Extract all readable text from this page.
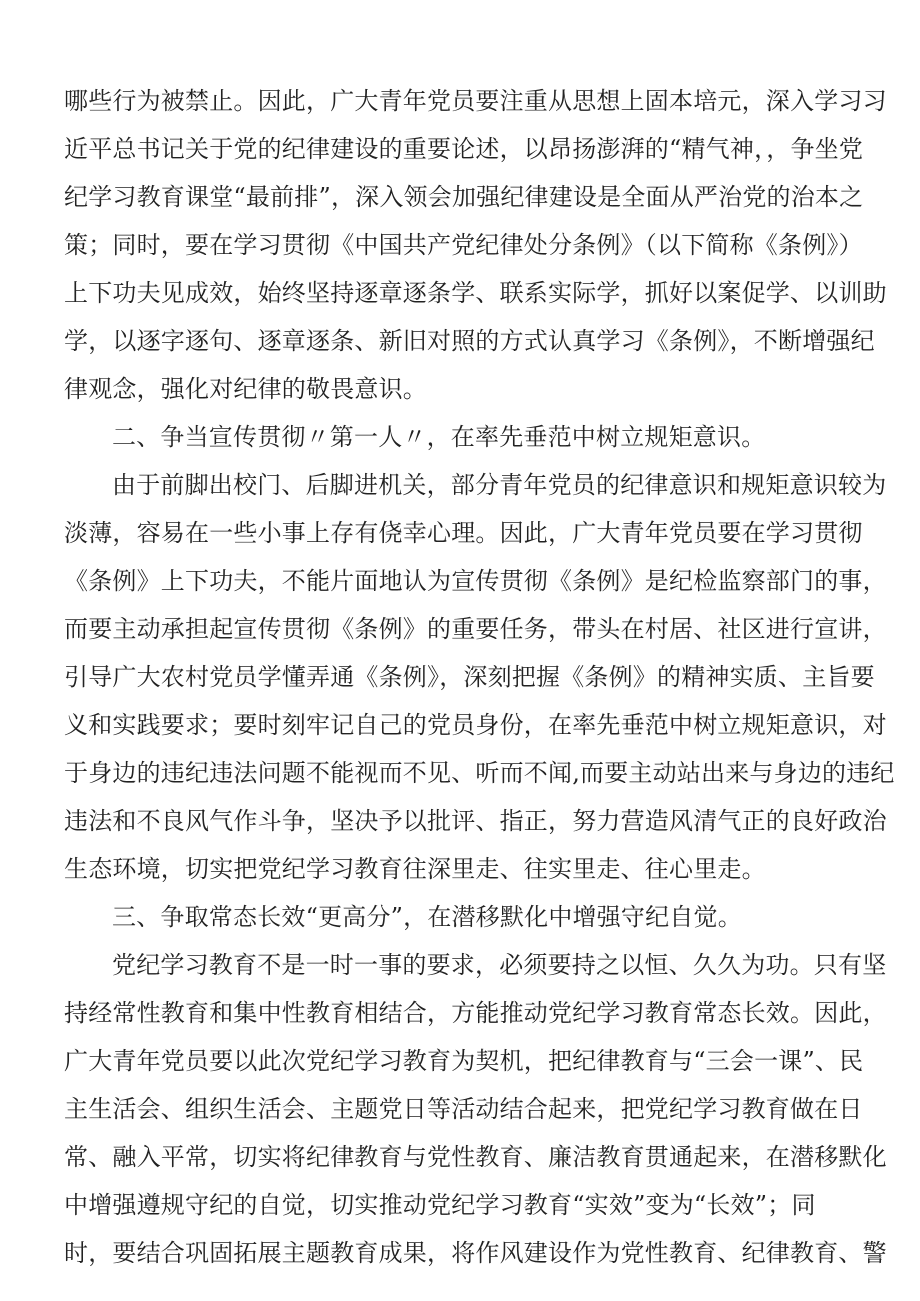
哪些行为被禁止。因此，广大青年党员要注重从思想上固本培元，深入学习习
近平总书记关于党的纪律建设的重要论述，以昂扬澎湃的“精气神，，争坐党
纪学习教育课堂“最前排”，深入领会加强纪律建设是全面从严治党的治本之
策；同时，要在学习贯彻《中国共产党纪律处分条例》（以下简称《条例》）
上下功夫见成效，始终坚持逐章逐条学、联系实际学，抓好以案促学、以训助
学，以逐字逐句、逐章逐条、新旧对照的方式认真学习《条例》，不断增强纪
律观念，强化对纪律的敬畏意识。
二、争当宣传贯彻〃第一人〃，在率先垂范中树立规矩意识。
由于前脚出校门、后脚进机关，部分青年党员的纪律意识和规矩意识较为
淡薄，容易在一些小事上存有侥幸心理。因此，广大青年党员要在学习贯彻
《条例》上下功夫，不能片面地认为宣传贯彻《条例》是纪检监察部门的事，
而要主动承担起宣传贯彻《条例》的重要任务，带头在村居、社区进行宣讲，
引导广大农村党员学懂弄通《条例》，深刻把握《条例》的精神实质、主旨要
义和实践要求；要时刻牢记自己的党员身份，在率先垂范中树立规矩意识，对
于身边的违纪违法问题不能视而不见、听而不闻,而要主动站出来与身边的违纪
违法和不良风气作斗争，坚决予以批评、指正，努力营造风清气正的良好政治
生态环境，切实把党纪学习教育往深里走、往实里走、往心里走。
三、争取常态长效“更高分”，在潜移默化中增强守纪自觉。
党纪学习教育不是一时一事的要求，必须要持之以恒、久久为功。只有坚
持经常性教育和集中性教育相结合，方能推动党纪学习教育常态长效。因此，
广大青年党员要以此次党纪学习教育为契机，把纪律教育与“三会一课”、民
主生活会、组织生活会、主题党日等活动结合起来，把党纪学习教育做在日
常、融入平常，切实将纪律教育与党性教育、廉洁教育贯通起来，在潜移默化
中增强遵规守纪的自觉，切实推动党纪学习教育“实效”变为“长效”；同
时，要结合巩固拓展主题教育成果，将作风建设作为党性教育、纪律教育、警
